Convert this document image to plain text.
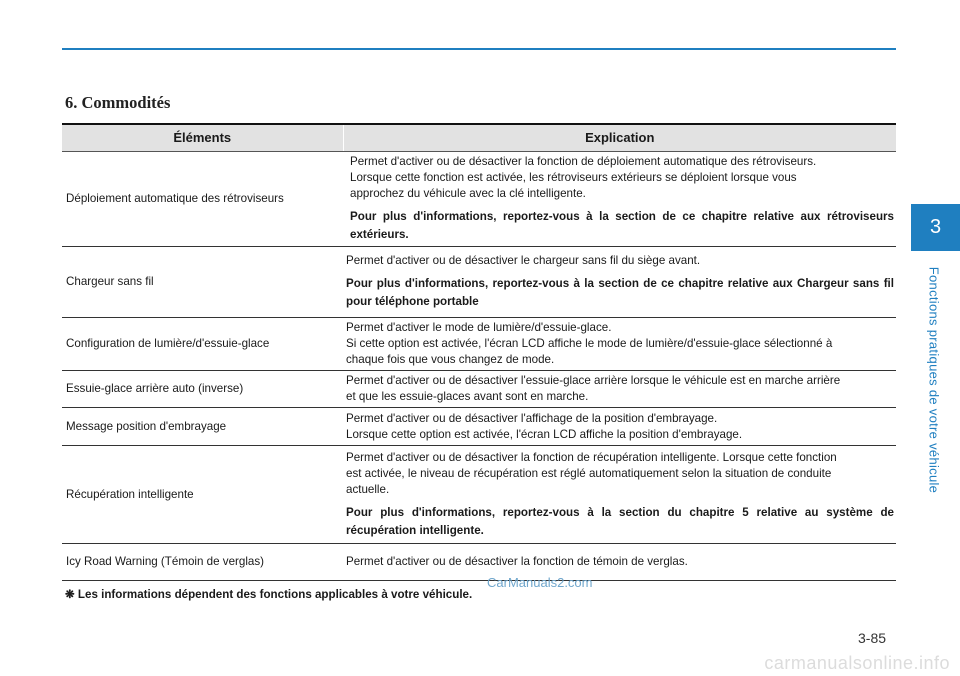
6. Commodités
Éléments	Explication
Déploiement automatique des rétroviseurs	Permet d'activer ou de désactiver la fonction de déploiement automatique des rétroviseurs.

Lorsque cette fonction est activée, les rétroviseurs extérieurs se déploient lorsque vous

approchez du véhicule avec la clé intelligente.

Pour plus d'informations, reportez-vous à la section de ce chapitre relative aux rétroviseurs extérieurs.

Chargeur sans fil	Permet d'activer ou de désactiver le chargeur sans fil du siège avant.

Pour plus d'informations, reportez-vous à la section de ce chapitre relative aux Chargeur sans fil pour téléphone portable

Configuration de lumière/d'essuie-glace	Permet d'activer le mode de lumière/d'essuie-glace.

Si cette option est activée, l'écran LCD affiche le mode de lumière/d'essuie-glace sélectionné à

chaque fois que vous changez de mode.

Essuie-glace arrière auto (inverse)	Permet d'activer ou de désactiver l'essuie-glace arrière lorsque le véhicule est en marche arrière

et que les essuie-glaces avant sont en marche.

Message position d'embrayage	Permet d'activer ou de désactiver l'affichage de la position d'embrayage.

Lorsque cette option est activée, l'écran LCD affiche la position d'embrayage.

Récupération intelligente	Permet d'activer ou de désactiver la fonction de récupération intelligente. Lorsque cette fonction

est activée, le niveau de récupération est réglé automatiquement selon la situation de conduite

actuelle.

Pour plus d'informations, reportez-vous à la section du chapitre 5 relative au système de récupération intelligente.

Icy Road Warning (Témoin de verglas)	Permet d'activer ou de désactiver la fonction de témoin de verglas.

❋ Les informations dépendent des fonctions applicables à votre véhicule.
CarManuals2.com
3
Fonctions pratiques de votre véhicule
3-85
carmanualsonline.info
